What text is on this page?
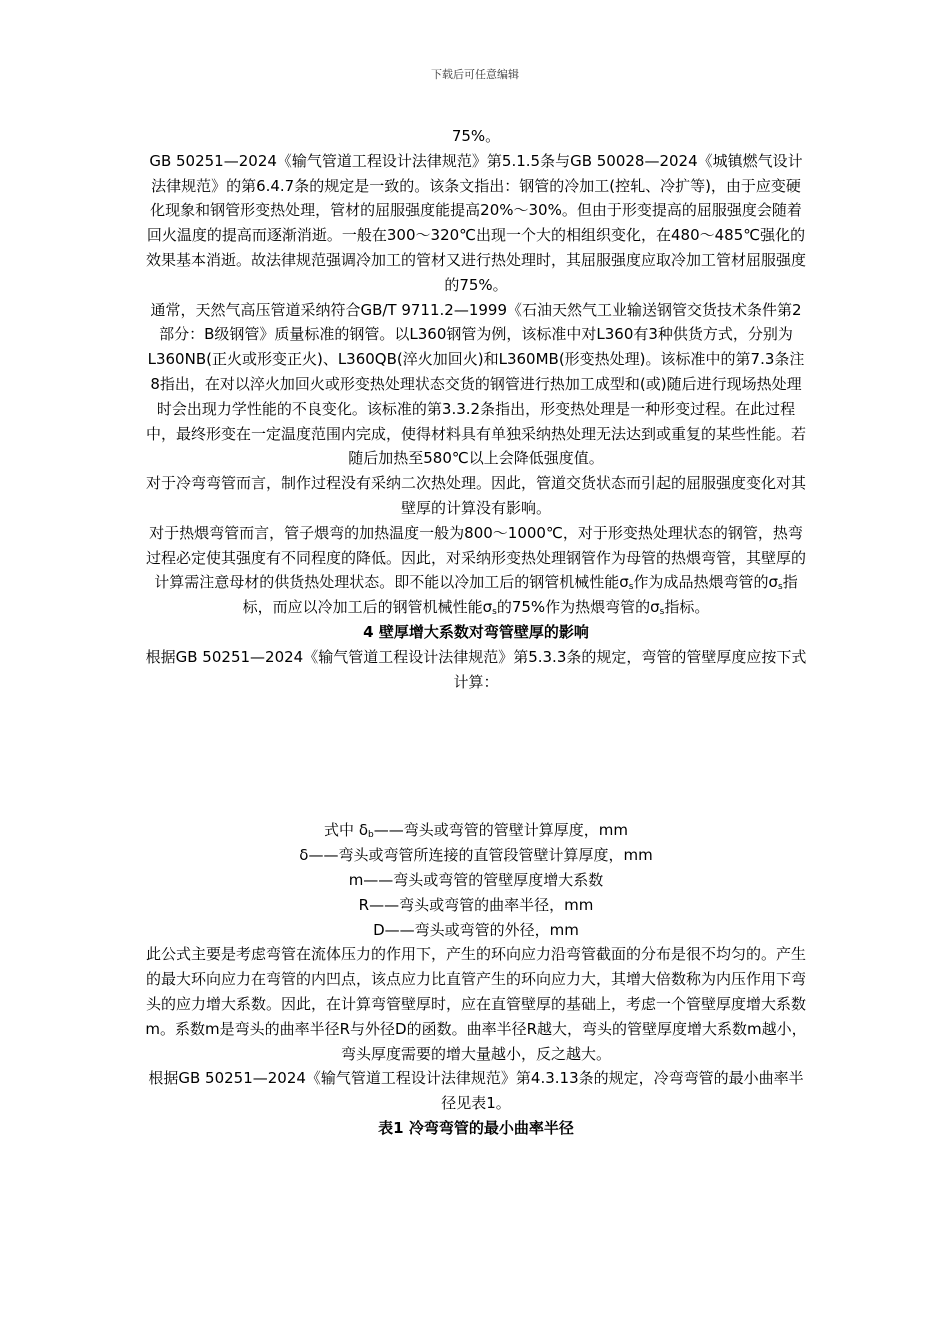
下载后可任意编辑

75%。

GB 50251—2024《输气管道工程设计法律规范》第5.1.5条与GB 50028—2024《城镇燃气设计法律规范》的第6.4.7条的规定是一致的。该条文指出：钢管的冷加工(控轧、冷扩等)，由于应变硬化现象和钢管形变热处理，管材的屈服强度能提高20%～30%。但由于形变提高的屈服强度会随着回火温度的提高而逐渐消逝。一般在300～320℃出现一个大的相组织变化，在480～485℃强化的效果基本消逝。故法律规范强调冷加工的管材又进行热处理时，其屈服强度应取冷加工管材屈服强度的75%。

通常，天然气高压管道采纳符合GB/T 9711.2—1999《石油天然气工业输送钢管交货技术条件第2部分：B级钢管》质量标准的钢管。以L360钢管为例，该标准中对L360有3种供货方式，分别为L360NB(正火或形变正火)、L360QB(淬火加回火)和L360MB(形变热处理)。该标准中的第7.3条注8指出，在对以淬火加回火或形变热处理状态交货的钢管进行热加工成型和(或)随后进行现场热处理时会出现力学性能的不良变化。该标准的第3.3.2条指出，形变热处理是一种形变过程。在此过程中，最终形变在一定温度范围内完成，使得材料具有单独采纳热处理无法达到或重复的某些性能。若随后加热至580℃以上会降低强度值。

对于冷弯弯管而言，制作过程没有采纳二次热处理。因此，管道交货状态而引起的屈服强度变化对其壁厚的计算没有影响。

对于热煨弯管而言，管子煨弯的加热温度一般为800～1000℃，对于形变热处理状态的钢管，热弯过程必定使其强度有不同程度的降低。因此，对采纳形变热处理钢管作为母管的热煨弯管，其壁厚的计算需注意母材的供货热处理状态。即不能以冷加工后的钢管机械性能$\sigma_s$作为成品热煨弯管的$\sigma_s$指标，而应以冷加工后的钢管机械性能$\sigma_s$的75%作为热煨弯管的$\sigma_s$指标。

4 壁厚增大系数对弯管壁厚的影响

根据GB 50251—2024《输气管道工程设计法律规范》第5.3.3条的规定，弯管的管壁厚度应按下式计算：

式中 $\delta_b——$弯头或弯管的管壁计算厚度，mm

δ——弯头或弯管所连接的直管段管壁计算厚度，mm

m——弯头或弯管的管壁厚度增大系数

R——弯头或弯管的曲率半径，mm

D——弯头或弯管的外径，mm

此公式主要是考虑弯管在流体压力的作用下，产生的环向应力沿弯管截面的分布是很不均匀的。产生的最大环向应力在弯管的内凹点，该点应力比直管产生的环向应力大，其增大倍数称为内压作用下弯头的应力增大系数。因此，在计算弯管壁厚时，应在直管壁厚的基础上，考虑一个管壁厚度增大系数m。系数m是弯头的曲率半径R与外径D的函数。曲率半径R越大，弯头的管壁厚度增大系数m越小，弯头厚度需要的增大量越小，反之越大。

根据GB 50251—2024《输气管道工程设计法律规范》第4.3.13条的规定，冷弯弯管的最小曲率半径见表1。

表1 冷弯弯管的最小曲率半径
